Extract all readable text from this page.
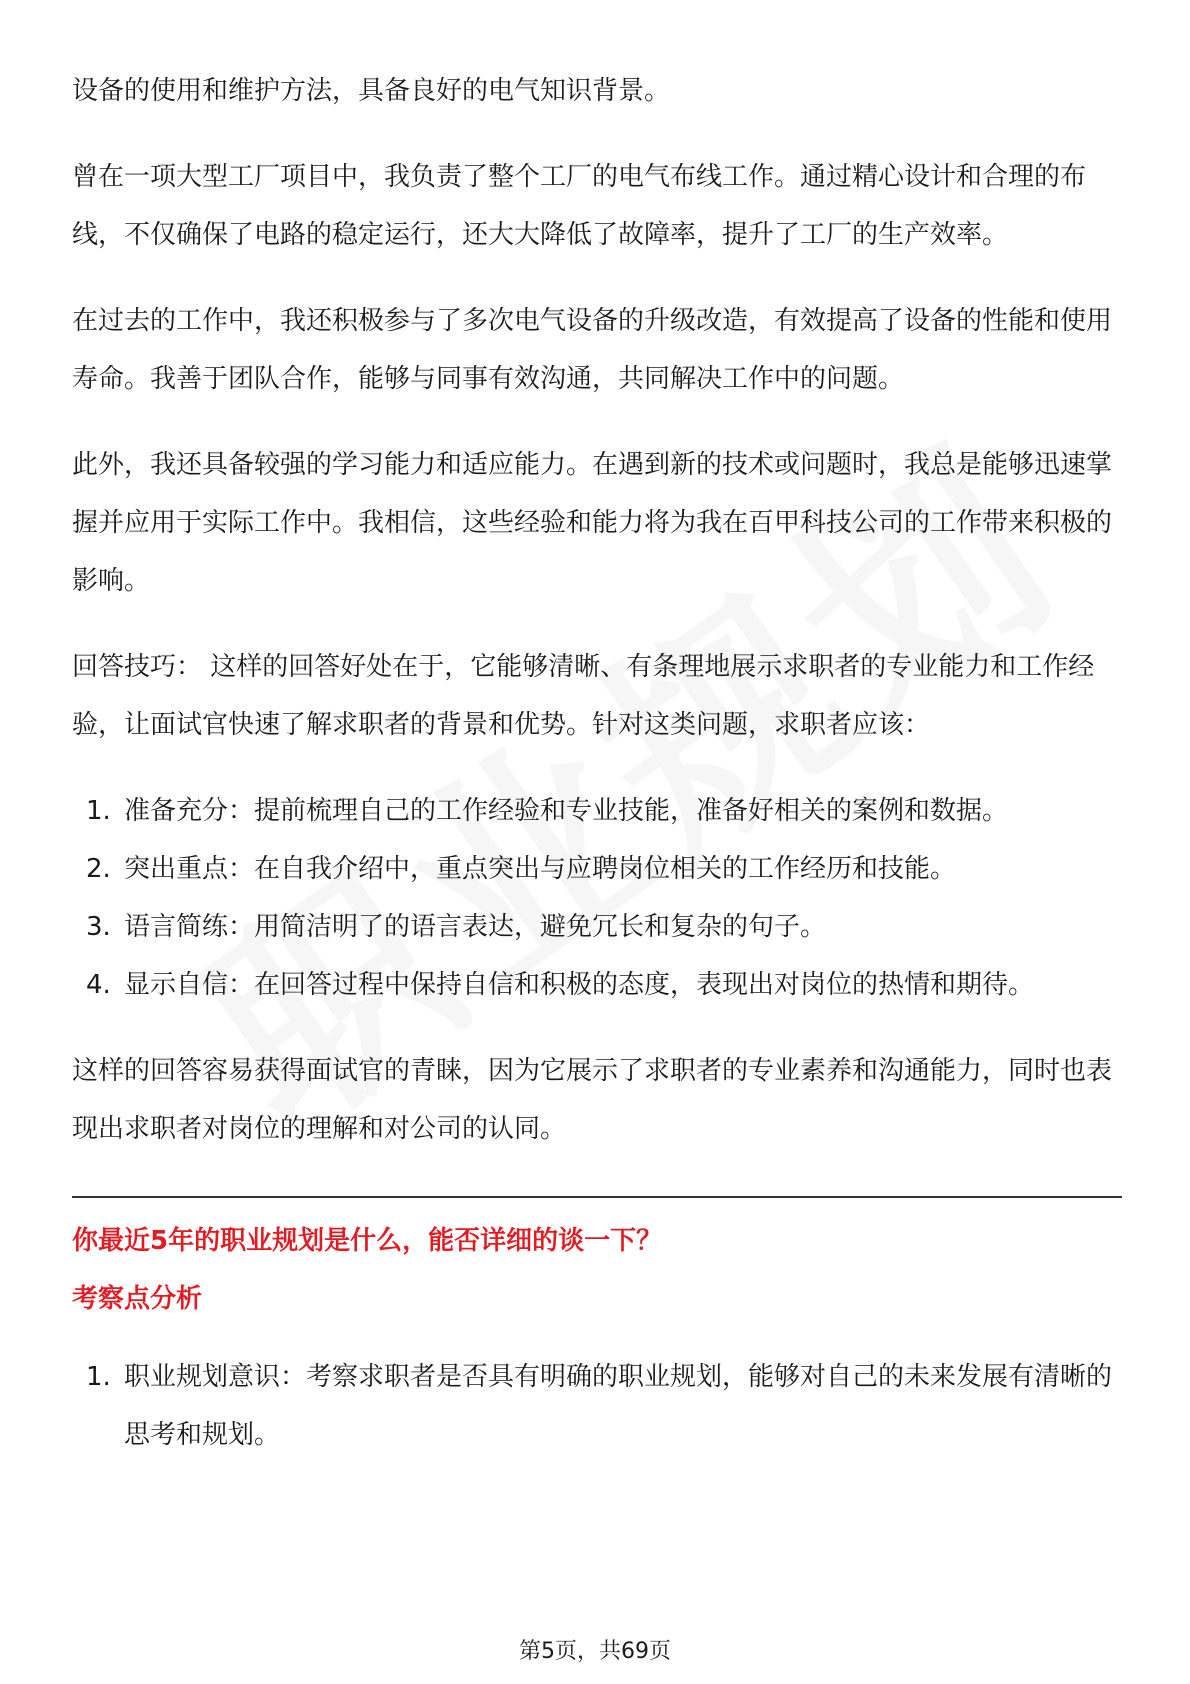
设备的使用和维护方法，具备良好的电气知识背景。

曾在一项大型工厂项目中，我负责了整个工厂的电气布线工作。通过精心设计和合理的布线，不仅确保了电路的稳定运行，还大大降低了故障率，提升了工厂的生产效率。

在过去的工作中，我还积极参与了多次电气设备的升级改造，有效提高了设备的性能和使用寿命。我善于团队合作，能够与同事有效沟通，共同解决工作中的问题。

此外，我还具备较强的学习能力和适应能力。在遇到新的技术或问题时，我总是能够迅速掌握并应用于实际工作中。我相信，这些经验和能力将为我在百甲科技公司的工作带来积极的影响。

回答技巧： 这样的回答好处在于，它能够清晰、有条理地展示求职者的专业能力和工作经验，让面试官快速了解求职者的背景和优势。针对这类问题，求职者应该：

1. 准备充分：提前梳理自己的工作经验和专业技能，准备好相关的案例和数据。
2. 突出重点：在自我介绍中，重点突出与应聘岗位相关的工作经历和技能。
3. 语言简练：用简洁明了的语言表达，避免冗长和复杂的句子。
4. 显示自信：在回答过程中保持自信和积极的态度，表现出对岗位的热情和期待。

这样的回答容易获得面试官的青睐，因为它展示了求职者的专业素养和沟通能力，同时也表现出求职者对岗位的理解和对公司的认同。

你最近5年的职业规划是什么，能否详细的谈一下？

考察点分析

1. 职业规划意识：考察求职者是否具有明确的职业规划，能够对自己的未来发展有清晰的思考和规划。
第5页，共69页
